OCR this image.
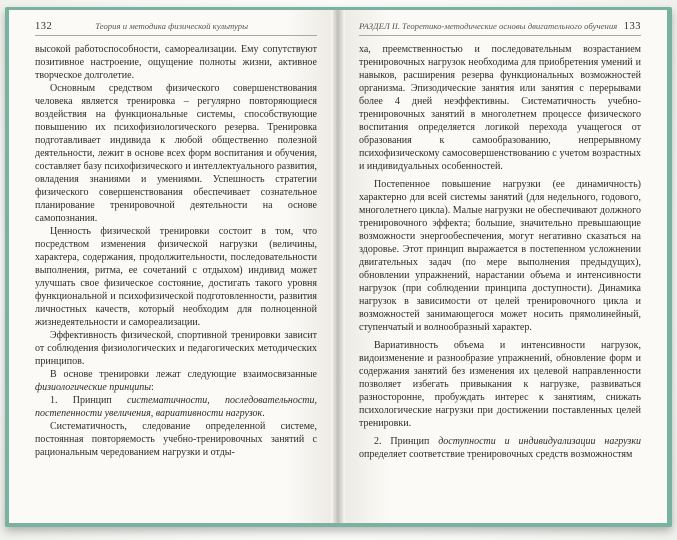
132	Теория и методика физической культуры

высокой работоспособности, самореализации. Ему сопутствуют позитивное настроение, ощущение полноты жизни, активное творческое долголетие.

Основным средством физического совершенствования человека является тренировка – регулярно повторяющиеся воздействия на функциональные системы, способствующие повышению их психофизиологического резерва. Тренировка подготавливает индивида к любой общественно полезной деятельности, лежит в основе всех форм воспитания и обучения, составляет базу психофизического и интеллектуального развития, овладения знаниями и умениями. Успешность стратегии физического совершенствования обеспечивает сознательное планирование тренировочной деятельности на основе самопознания.

Ценность физической тренировки состоит в том, что посредством изменения физической нагрузки (величины, характера, содержания, продолжительности, последовательности выполнения, ритма, ее сочетаний с отдыхом) индивид может улучшать свое физическое состояние, достигать такого уровня функциональной и психофизической подготовленности, развития личностных качеств, который необходим для полноценной жизнедеятельности и самореализации.

Эффективность физической, спортивной тренировки зависит от соблюдения физиологических и педагогических методических принципов.

В основе тренировки лежат следующие взаимосвязанные физиологические принципы:

1. Принцип систематичности, последовательности, постепенности увеличения, вариативности нагрузок.

Систематичность, следование определенной системе, постоянная повторяемость учебно-тренировочных занятий с рациональным чередованием нагрузки и отды-

РАЗДЕЛ II. Теоретико-методические основы двигательного обучения 133

ха, преемственностью и последовательным возрастанием тренировочных нагрузок необходима для приобретения умений и навыков, расширения резерва функциональных возможностей организма. Эпизодические занятия или занятия с перерывами более 4 дней неэффективны. Систематичность учебно-тренировочных занятий в многолетнем процессе физического воспитания определяется логикой перехода учащегося от образования к самообразованию, непрерывному психофизическому самосовершенствованию с учетом возрастных и индивидуальных особенностей.

Постепенное повышение нагрузки (ее динамичность) характерно для всей системы занятий (для недельного, годового, многолетнего цикла). Малые нагрузки не обеспечивают должного тренировочного эффекта; большие, значительно превышающие возможности энергообеспечения, могут негативно сказаться на здоровье. Этот принцип выражается в постепенном усложнении двигательных задач (по мере выполнения предыдущих), обновлении упражнений, нарастании объема и интенсивности нагрузок (при соблюдении принципа доступности). Динамика нагрузок в зависимости от целей тренировочного цикла и возможностей занимающегося может носить прямолинейный, ступенчатый и волнообразный характер.

Вариативность объема и интенсивности нагрузок, видоизменение и разнообразие упражнений, обновление форм и содержания занятий без изменения их целевой направленности позволяет избегать привыкания к нагрузке, развиваться разносторонне, пробуждать интерес к занятиям, снижать психологические нагрузки при достижении поставленных целей тренировки.

2. Принцип доступности и индивидуализации нагрузки определяет соответствие тренировочных средств возможностям
